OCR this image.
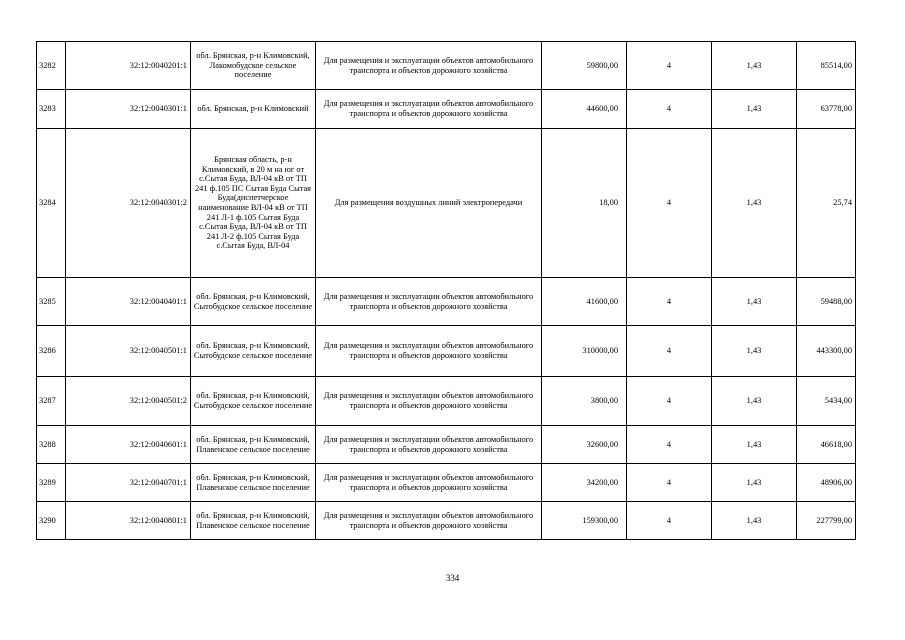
3282	32:12:0040201:1	обл. Брянская, р-н Климовский, Лакомобудское сельское поселение	Для размещения и эксплуатации объектов автомобильного транспорта и объектов дорожного хозяйства	59800,00	4	1,43	85514,00
3283	32:12:0040301:1	обл. Брянская, р-н Климовский	Для размещения и эксплуатации объектов автомобильного транспорта и объектов дорожного хозяйства	44600,00	4	1,43	63778,00
3284	32:12:0040301:2	Брянская область, р-н Климовский, в 20 м на юг от с.Сытая Буда, ВЛ-04 кВ от ТП 241 ф.105 ПС Сытая Буда Сытая Буда(диспетчерское наименование ВЛ-04 кВ от ТП 241 Л-1 ф.105 Сытая Буда с.Сытая Буда, ВЛ-04 кВ от ТП 241 Л-2 ф.105 Сытая Буда с.Сытая Буда, ВЛ-04	Для размещения воздушных линий электропередачи	18,00	4	1,43	25,74
3285	32:12:0040401:1	обл. Брянская, р-н Климовский, Сытобудское сельское поселение	Для размещения и эксплуатации объектов автомобильного транспорта и объектов дорожного хозяйства	41600,00	4	1,43	59488,00
3286	32:12:0040501:1	обл. Брянская, р-н Климовский, Сытобудское сельское поселение	Для размещения и эксплуатации объектов автомобильного транспорта и объектов дорожного хозяйства	310000,00	4	1,43	443300,00
3287	32:12:0040501:2	обл. Брянская, р-н Климовский, Сытобудское сельское поселение	Для размещения и эксплуатации объектов автомобильного транспорта и объектов дорожного хозяйства	3800,00	4	1,43	5434,00
3288	32:12:0040601:1	обл. Брянская, р-н Климовский, Плавенское сельское поселение	Для размещения и эксплуатации объектов автомобильного транспорта и объектов дорожного хозяйства	32600,00	4	1,43	46618,00
3289	32:12:0040701:1	обл. Брянская, р-н Климовский, Плавенское сельское поселение	Для размещения и эксплуатации объектов автомобильного транспорта и объектов дорожного хозяйства	34200,00	4	1,43	48906,00
3290	32:12:0040801:1	обл. Брянская, р-н Климовский, Плавенское сельское поселение	Для размещения и эксплуатации объектов автомобильного транспорта и объектов дорожного хозяйства	159300,00	4	1,43	227799,00
334
